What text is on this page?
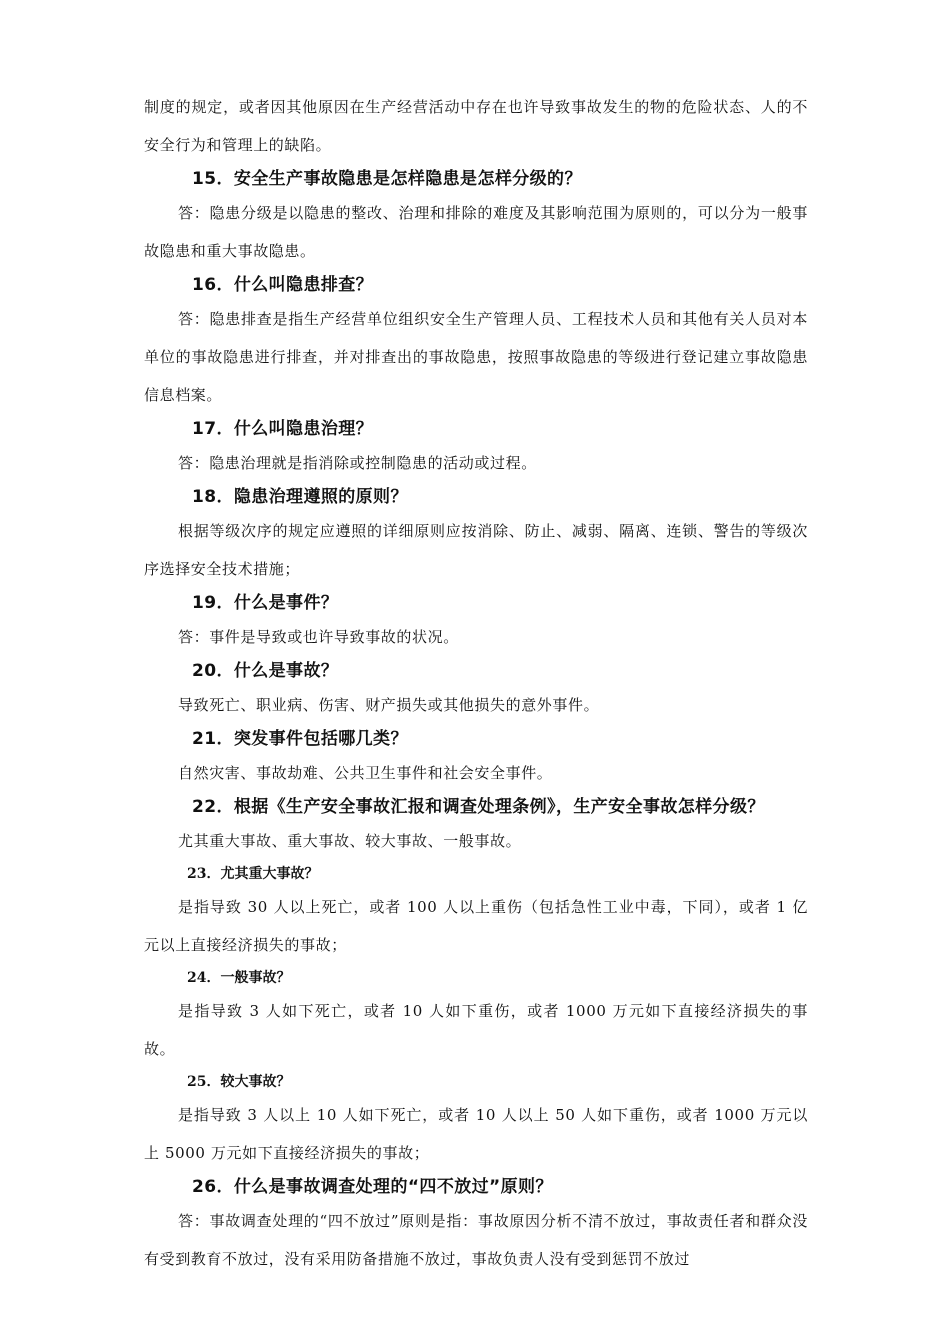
制度的规定，或者因其他原因在生产经营活动中存在也许导致事故发生的物的危险状态、人的不安全行为和管理上的缺陷。

15．安全生产事故隐患是怎样隐患是怎样分级的？

答：隐患分级是以隐患的整改、治理和排除的难度及其影响范围为原则的，可以分为一般事故隐患和重大事故隐患。

16．什么叫隐患排查？

答：隐患排查是指生产经营单位组织安全生产管理人员、工程技术人员和其他有关人员对本单位的事故隐患进行排查，并对排查出的事故隐患，按照事故隐患的等级进行登记建立事故隐患信息档案。

17．什么叫隐患治理？

答：隐患治理就是指消除或控制隐患的活动或过程。

18．隐患治理遵照的原则？

根据等级次序的规定应遵照的详细原则应按消除、防止、减弱、隔离、连锁、警告的等级次序选择安全技术措施；

19．什么是事件？

答：事件是导致或也许导致事故的状况。

20．什么是事故？

导致死亡、职业病、伤害、财产损失或其他损失的意外事件。

21．突发事件包括哪几类？

自然灾害、事故劫难、公共卫生事件和社会安全事件。

22．根据《生产安全事故汇报和调查处理条例》，生产安全事故怎样分级？

尤其重大事故、重大事故、较大事故、一般事故。

23．尤其重大事故？

是指导致 30 人以上死亡，或者 100 人以上重伤（包括急性工业中毒，下同），或者 1 亿元以上直接经济损失的事故；

24．一般事故？

是指导致 3 人如下死亡，或者 10 人如下重伤，或者 1000 万元如下直接经济损失的事故。

25．较大事故？

是指导致 3 人以上 10 人如下死亡，或者 10 人以上 50 人如下重伤，或者 1000 万元以上 5000 万元如下直接经济损失的事故；

26．什么是事故调查处理的“四不放过”原则？

答：事故调查处理的“四不放过”原则是指：事故原因分析不清不放过，事故责任者和群众没有受到教育不放过，没有采用防备措施不放过，事故负责人没有受到惩罚不放过
